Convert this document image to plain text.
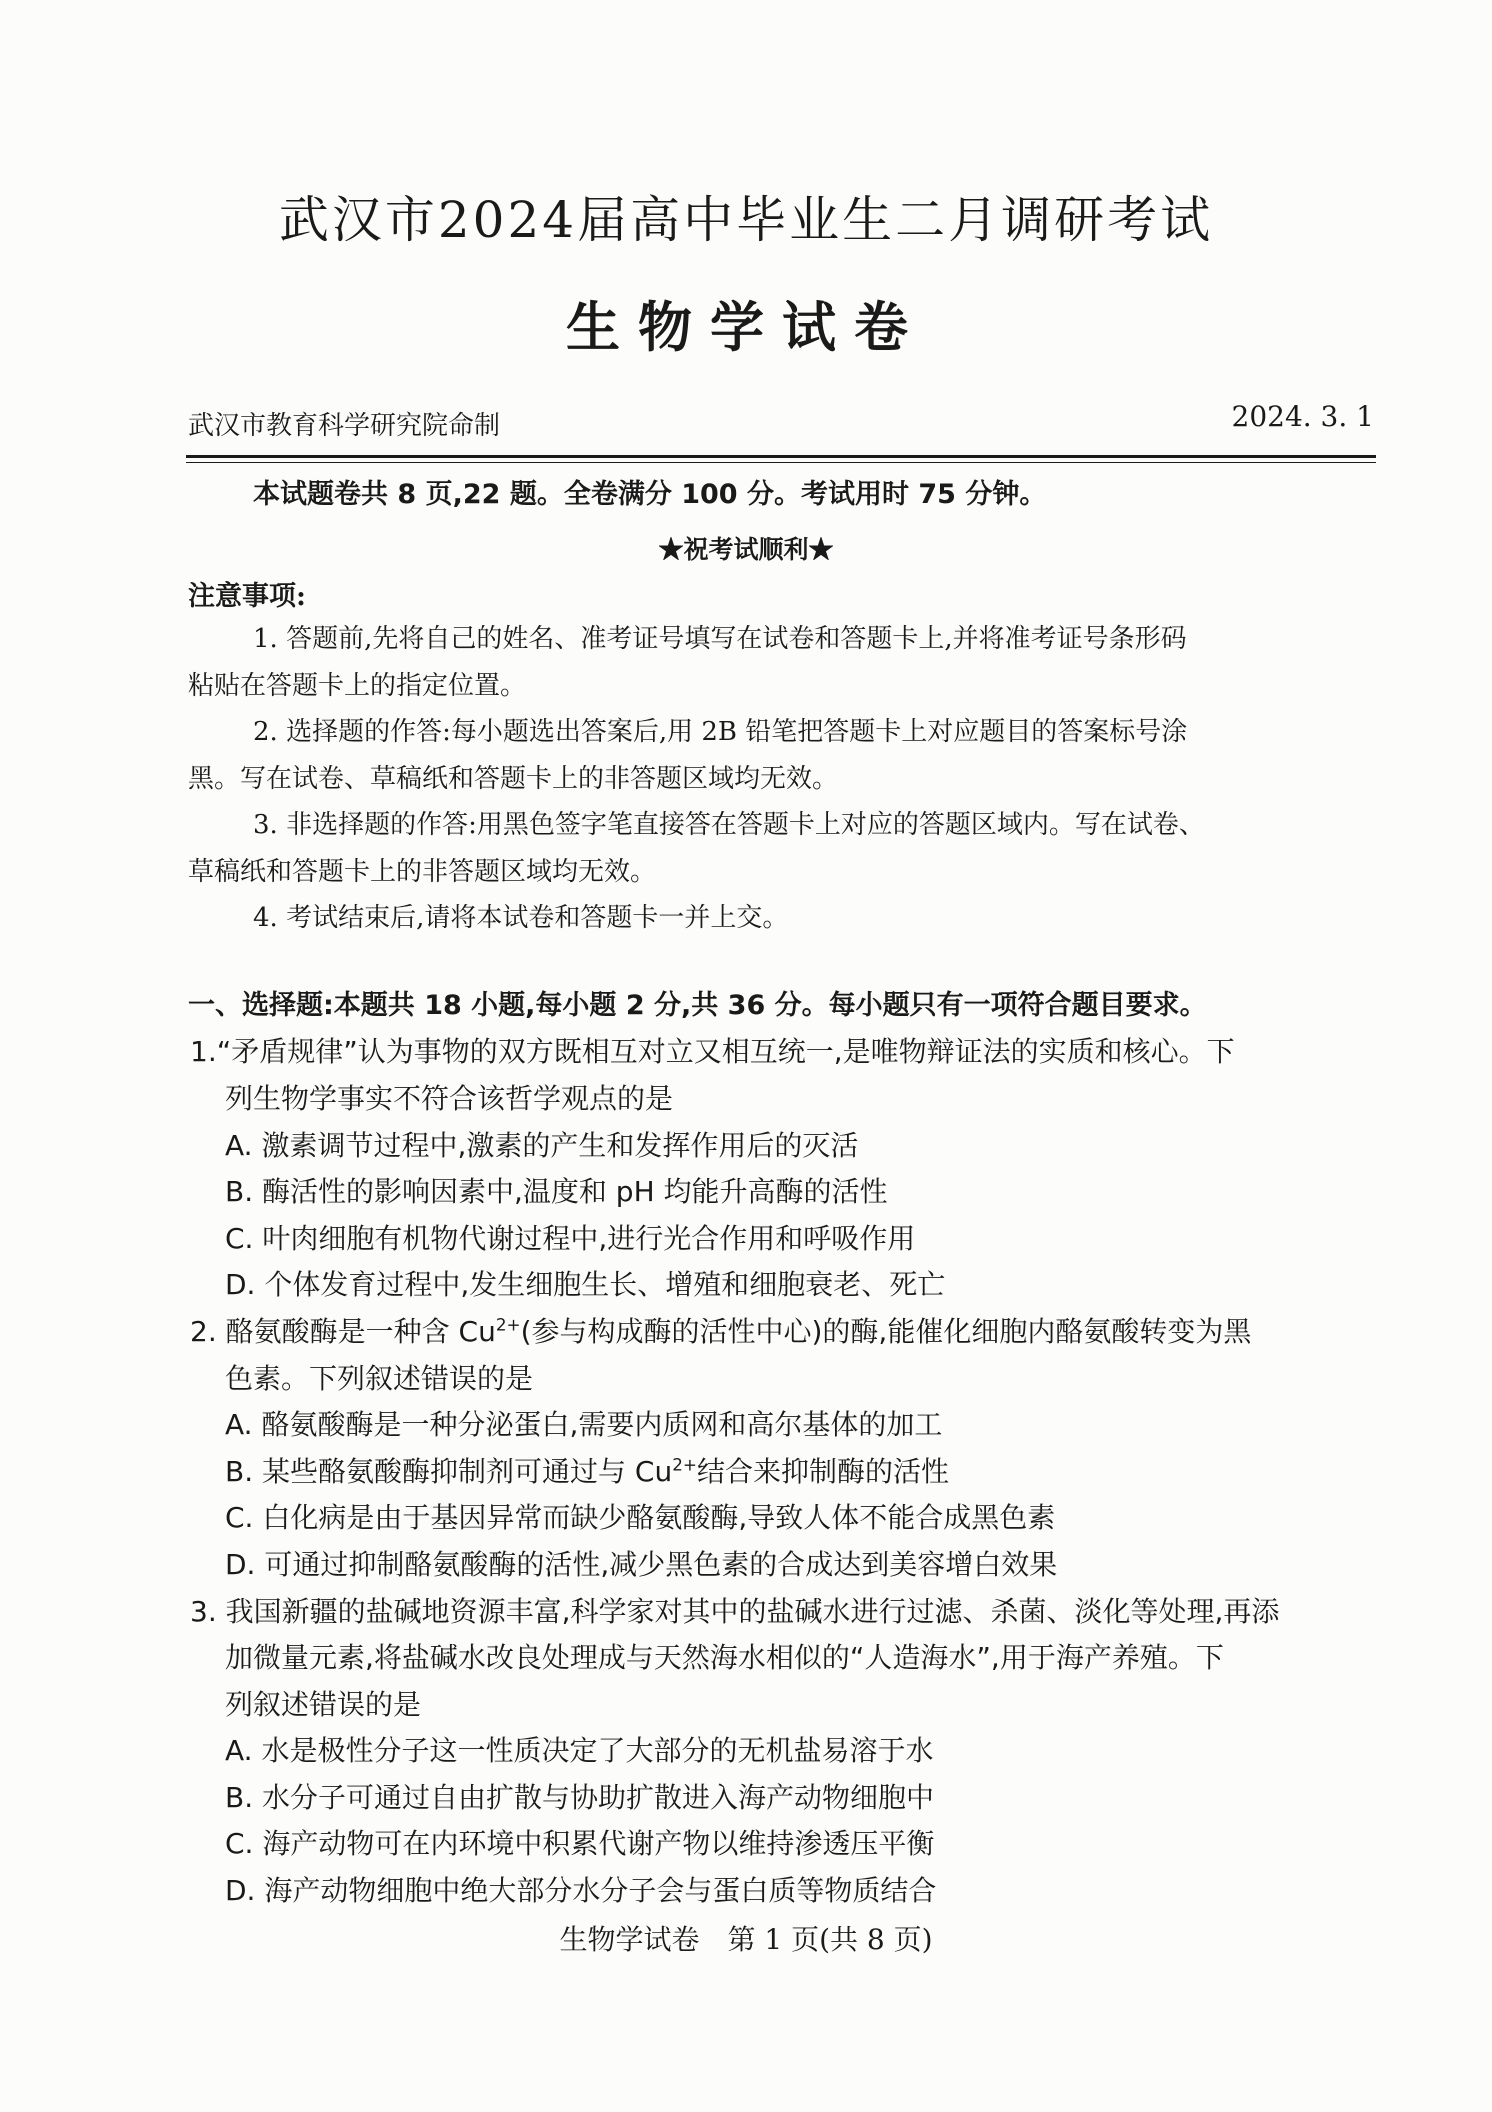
武汉市2024届高中毕业生二月调研考试
生物学试卷
武汉市教育科学研究院命制	2024. 3. 1
本试题卷共 8 页,22 题。全卷满分 100 分。考试用时 75 分钟。
★祝考试顺利★
注意事项:
1. 答题前,先将自己的姓名、准考证号填写在试卷和答题卡上,并将准考证号条形码
粘贴在答题卡上的指定位置。
2. 选择题的作答:每小题选出答案后,用 2B 铅笔把答题卡上对应题目的答案标号涂
黑。写在试卷、草稿纸和答题卡上的非答题区域均无效。
3. 非选择题的作答:用黑色签字笔直接答在答题卡上对应的答题区域内。写在试卷、
草稿纸和答题卡上的非答题区域均无效。
4. 考试结束后,请将本试卷和答题卡一并上交。
一、选择题:本题共 18 小题,每小题 2 分,共 36 分。每小题只有一项符合题目要求。
1.“矛盾规律”认为事物的双方既相互对立又相互统一,是唯物辩证法的实质和核心。下
列生物学事实不符合该哲学观点的是
A. 激素调节过程中,激素的产生和发挥作用后的灭活
B. 酶活性的影响因素中,温度和 pH 均能升高酶的活性
C. 叶肉细胞有机物代谢过程中,进行光合作用和呼吸作用
D. 个体发育过程中,发生细胞生长、增殖和细胞衰老、死亡
2. 酪氨酸酶是一种含 $Cu^{2+}$(参与构成酶的活性中心)的酶,能催化细胞内酪氨酸转变为黑
色素。下列叙述错误的是
A. 酪氨酸酶是一种分泌蛋白,需要内质网和高尔基体的加工
B. 某些酪氨酸酶抑制剂可通过与 $Cu^{2+}$结合来抑制酶的活性
C. 白化病是由于基因异常而缺少酪氨酸酶,导致人体不能合成黑色素
D. 可通过抑制酪氨酸酶的活性,减少黑色素的合成达到美容增白效果
3. 我国新疆的盐碱地资源丰富,科学家对其中的盐碱水进行过滤、杀菌、淡化等处理,再添
加微量元素,将盐碱水改良处理成与天然海水相似的“人造海水”,用于海产养殖。下
列叙述错误的是
A. 水是极性分子这一性质决定了大部分的无机盐易溶于水
B. 水分子可通过自由扩散与协助扩散进入海产动物细胞中
C. 海产动物可在内环境中积累代谢产物以维持渗透压平衡
D. 海产动物细胞中绝大部分水分子会与蛋白质等物质结合
生物学试卷　第 1 页(共 8 页)
